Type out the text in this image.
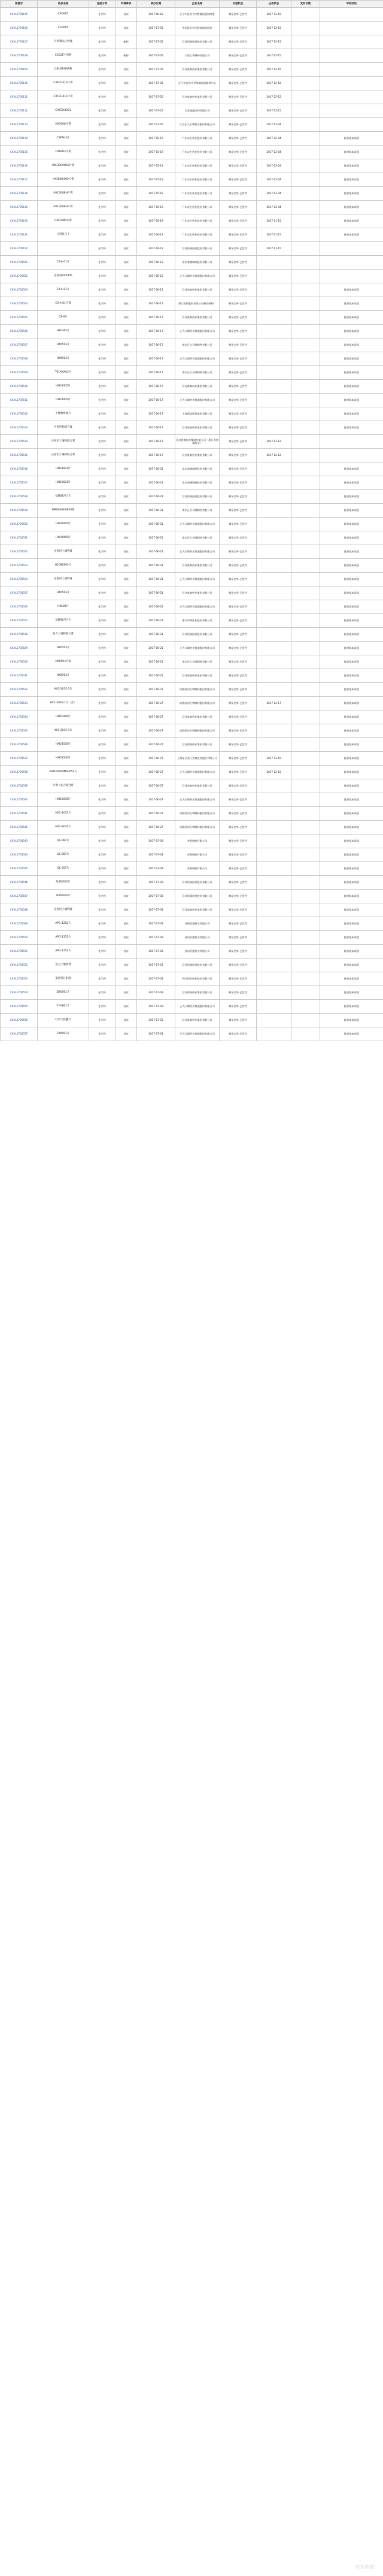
受理号	药品名称	注册分类	申请事项	承办日期	企业名称	办理状态	任务状态	发补次数	审批结论
CXHL1700105	CFDA05	化学药	首次	2017-08-18	辽宁中医药大学附属医院制剂室	制证完毕-已发件	2017-12-15		
CXHL1700106	CFDA05	化学药	首次	2017-07-05	中国医学科学院血液病医院	制证完毕-已发件	2017-12-15		
CXHL1700107	片剂制品注射液	化学药	新药	2017-07-05	江苏恒瑞医药股份有限公司	制证完毕-已发件	2017-12-15		
CXHL1700108	CXGLT片剂膏	化学药	新药	2017-07-05	宁波立华制药有限公司	制证完毕-已发件	2017-12-15		
CXHL1700109	注射用ROSA粉	化学药	首次	2017-07-25	江苏豪森药业集团有限公司	制证完毕-已发件	2017-12-15		
CXHL1700110	CXFCH413片膏	化学药	首次	2017-07-25	辽宁中医药大学附属医院制剂中心	制证完毕-已发件	2017-12-15		
CXHL1700111	CXFCH411片膏	化学药	首次	2017-07-25	江苏豪森药业集团有限公司	制证完毕-已发件	2017-12-15		
CXHL1700112	CXFCH0001	化学药	首次	2017-07-25	江苏盛迪医药有限公司	制证完毕-已发件	2017-12-15		
CXHL1700113	HX3008片膏	化学药	首次	2017-07-25	江苏正大天晴药业股份有限公司	制证完毕-已发件	2017-12-04		
CXHL1700114	CXFAH3片	化学药	首次	2017-05-19	广东众生药业股份有限公司	制证完毕-已发件	2017-12-04		批准临床试验
CXHL1700115	CXFAH3片膏	化学药	首次	2017-05-19	广东众生药业股份有限公司	制证完毕-已发件	2017-12-04		批准临床试验
CXHL1700116	HXC3009HX3片膏	化学药	首次	2017-05-19	广东众生药业股份有限公司	制证完毕-已发件	2017-12-04		批准临床试验
CXHL1700117	HX3008HXD片膏	化学药	首次	2017-05-19	广东众生药业股份有限公司	制证完毕-已发件	2017-12-04		批准临床试验
CXHL1700118	HXC3008H片膏	化学药	首次	2017-05-19	广东众生药业股份有限公司	制证完毕-已发件	2017-12-04		批准临床试验
CXHL1700119	HXC3009H片膏	化学药	首次	2017-05-19	广东众生药业股份有限公司	制证完毕-已发件	2017-12-04		批准临床试验
CXHL1700120	HXC3009片膏	化学药	首次	2017-05-19	广东众生药业股份有限公司	制证完毕-已发件	2017-11-15		批准临床试验
CXHL1700121	片剂复合土	化学药	首次	2017-06-12	广东众生药业股份有限公司	制证完毕-已发件	2017-11-15		批准临床试验
CXHL1700122		化学药	首次	2017-06-12	江苏恒瑞医药股份有限公司	制证完毕-已发件	2017-11-15		
CXHL1700501	CX-A-01片	化学药	首次	2017-06-12	北京泰德制药股份有限公司	制证完毕-已发件			
CXHL1700502	注射用HX5005	化学药	首次	2017-06-12	正大天晴药业集团股份有限公司	制证完毕-已发件			
CXHL1700503	CX-A-01片	化学药	首次	2017-06-12	江苏豪森药业集团有限公司	制证完毕-已发件			批准临床试验
CXHL1700504	CX-A-01片膏	化学药	首次	2017-06-12	浙江医药股份有限公司新昌制药厂	制证完毕-已发件			批准临床试验
CXHL1700505	CP-0片	化学药	首次	2017-06-17	江苏豪森药业集团有限公司	制证完毕-已发件			批准临床试验
CXHL1700506	HX0305片	化学药	首次	2017-06-17	正大天晴药业集团股份有限公司	制证完毕-已发件			批准临床试验
CXHL1700507	HX0503片	化学药	首次	2017-06-17	南京正大天晴制药有限公司	制证完毕-已发件			批准临床试验
CXHL1700508	HX0503片	化学药	首次	2017-06-17	正大天晴药业集团股份有限公司	制证完毕-已发件			批准临床试验
CXHL1700509	T01AXX03片	化学药	首次	2017-06-17	南京正大天晴制药有限公司	制证完毕-已发件			批准临床试验
CXHL1700510	HXD3305片	化学药	首次	2017-06-17	江苏豪森药业集团有限公司	制证完毕-已发件			批准临床试验
CXHL1700511	HXD3005片	化学药	首次	2017-06-17	正大天晴药业集团股份有限公司	制证完毕-已发件			批准临床试验
CXHL1700512	土壤物膏素片	化学药	首次	2017-06-17	上海创诺医药集团有限公司	制证完毕-已发件			批准临床试验
CXHL1700513	片剂药物联合膏	化学药	首次	2017-06-17	江苏豪森药业集团有限公司	制证完毕-已发件			批准临床试验
CXHL1700514	注射用土壤物联合膏	化学药	首次	2017-06-17	江苏豪森药业集团有限公司（原江苏豪森药业）	制证完毕-已发件	2017-12-12		
CXHL1700515	注射用土壤物联合膏	化学药	首次	2017-06-17	江苏豪森药业集团有限公司	制证完毕-已发件	2017-12-12		
CXHL1700516	HXD3021片	化学药	首次	2017-06-21	北京泰德制药股份有限公司	制证完毕-已发件			批准临床试验
CXHL1700517	HXD3021片	化学药	首次	2017-06-21	北京泰德制药股份有限公司	制证完毕-已发件			批准临床试验
CXHL1700518	盐酸氟西汀片	化学药	首次	2017-06-21	江苏恒瑞医药股份有限公司	制证完毕-已发件			批准临床试验
CXHL1700519	NMSXHXH0050膏	化学药	首次	2017-06-21	南京正大天晴制药有限公司	制证完毕-已发件			批准临床试验
CXHL1700520	HXH0050片	化学药	首次	2017-06-21	正大天晴药业集团股份有限公司	制证完毕-已发件			批准临床试验
CXHL1700521	HXH0050片	化学药	首次	2017-06-21	南京正大天晴制药有限公司	制证完毕-已发件			批准临床试验
CXHL1700522	注射用土壤物膏	化学药	首次	2017-06-21	正大天晴药业集团股份有限公司	制证完毕-已发件			批准临床试验
CXHL1700523	H1080605片	化学药	首次	2017-06-21	江苏豪森药业集团有限公司	制证完毕-已发件			批准临床试验
CXHL1700524	注射用土壤物膏	化学药	首次	2017-06-21	正大天晴药业集团股份有限公司	制证完毕-已发件			批准临床试验
CXHL1700525	HX0503片	化学药	首次	2017-06-21	江苏豪森药业集团有限公司	制证完毕-已发件			批准临床试验
CXHL1700526	H0503片	化学药	首次	2017-06-21	正大天晴药业集团股份有限公司	制证完毕-已发件			批准临床试验
CXHL1700527	盐酸氟西汀片	化学药	首次	2017-06-21	浙江华海药业股份有限公司	制证完毕-已发件			批准临床试验
CXHL1700528	复方土壤物联合膏	化学药	首次	2017-06-21	江苏恒瑞医药股份有限公司	制证完毕-已发件			批准临床试验
CXHL1700529	HX0503片	化学药	首次	2017-06-21	正大天晴药业集团股份有限公司	制证完毕-已发件			批准临床试验
CXHL1700530	HX0503片膏	化学药	首次	2017-06-21	南京正大天晴制药有限公司	制证完毕-已发件			批准临床试验
CXHL1700531	HX0503片	化学药	首次	2017-06-21	江苏豪森药业集团有限公司	制证完毕-已发件			批准临床试验
CXHL1700532	HX1-2035-1片	化学药	首次	2017-06-27	成都苑东生物制药股份有限公司	制证完毕-已发件			批准临床试验
CXHL1700533	HX1-2035-1片（含）	化学药	首次	2017-06-27	成都苑东生物制药股份有限公司	制证完毕-已发件	2017-12-17		批准临床试验
CXHL1700534	HXD1080片	化学药	首次	2017-06-27	江苏豪森药业集团有限公司	制证完毕-已发件			批准临床试验
CXHL1700535	HX1-2035-1片	化学药	首次	2017-06-27	成都苑东生物制药股份有限公司	制证完毕-已发件			批准临床试验
CXHL1700536	HXD3500片	化学药	首次	2017-06-27	江苏豪森药业集团有限公司	制证完毕-已发件			批准临床试验
CXHL1700537	HXD3500片	化学药	首次	2017-06-27	上海复旦张江生物医药股份有限公司	制证完毕-已发件	2017-12-15		批准临床试验
CXHL1700538	HXD3005NMS0050片	化学药	首次	2017-06-27	正大天晴药业集团股份有限公司	制证完毕-已发件	2017-12-15		批准临床试验
CXHL1700539	片剂+复合联合膏	化学药	首次	2017-06-27	江苏豪森药业集团有限公司	制证完毕-已发件			批准临床试验
CXHL1700540	HXD3005片	化学药	首次	2017-06-27	正大天晴药业集团股份有限公司	制证完毕-已发件			批准临床试验
CXHL1700541	HX1-2035片	化学药	首次	2017-06-27	成都苑东生物制药股份有限公司	制证完毕-已发件			批准临床试验
CXHL1700542	HX1-2035片	化学药	首次	2017-06-27	成都苑东生物制药股份有限公司	制证完毕-已发件			批准临床试验
CXHL1700543	QL-007片	化学药	首次	2017-07-03	齐鲁制药有限公司	制证完毕-已发件			批准临床试验
CXHL1700544	QL-007片	化学药	首次	2017-07-03	齐鲁制药有限公司	制证完毕-已发件			批准临床试验
CXHL1700545	QL-007片	化学药	首次	2017-07-03	齐鲁制药有限公司	制证完毕-已发件			批准临床试验
CXHL1700546	ALD0002片	化学药	首次	2017-07-03	江苏恒瑞医药股份有限公司	制证完毕-已发件			批准临床试验
CXHL1700547	ALD0002片	化学药	首次	2017-07-03	江苏恒瑞医药股份有限公司	制证完毕-已发件			批准临床试验
CXHL1700548	注射用土壤物膏	化学药	首次	2017-07-03	江苏豪森药业集团有限公司	制证完毕-已发件			批准临床试验
CXHL1700549	APG-1252片	化学药	首次	2017-07-03	苏州亚盛药业有限公司	制证完毕-已发件			批准临床试验
CXHL1700550	APG-1252片	化学药	首次	2017-07-03	苏州亚盛药业有限公司	制证完毕-已发件			批准临床试验
CXHL1700551	APG-1252片	化学药	首次	2017-07-03	苏州亚盛药业有限公司	制证完毕-已发件			批准临床试验
CXHL1700552	复方土壤物膏	化学药	首次	2017-07-03	江苏恒瑞医药股份有限公司	制证完毕-已发件			批准临床试验
CXHL1700553	氯化钠注射液	化学药	首次	2017-07-03	四川科伦药业股份有限公司	制证完毕-已发件			批准临床试验
CXHL1700554	DZ0001片	化学药	首次	2017-07-03	江苏豪森药业集团有限公司	制证完毕-已发件			批准临床试验
CXHL1700555	YY-0801片	化学药	首次	2017-07-03	正大天晴药业集团股份有限公司	制证完毕-已发件			批准临床试验
CXHL1700556	红景天胶囊片	化学药	首次	2017-07-03	江苏豪森药业集团有限公司	制证完毕-已发件			批准临床试验
CXHL1700557	CX0001片	化学药	首次	2017-07-03	正大天晴药业集团股份有限公司	制证完毕-已发件			批准临床试验
药智数据
